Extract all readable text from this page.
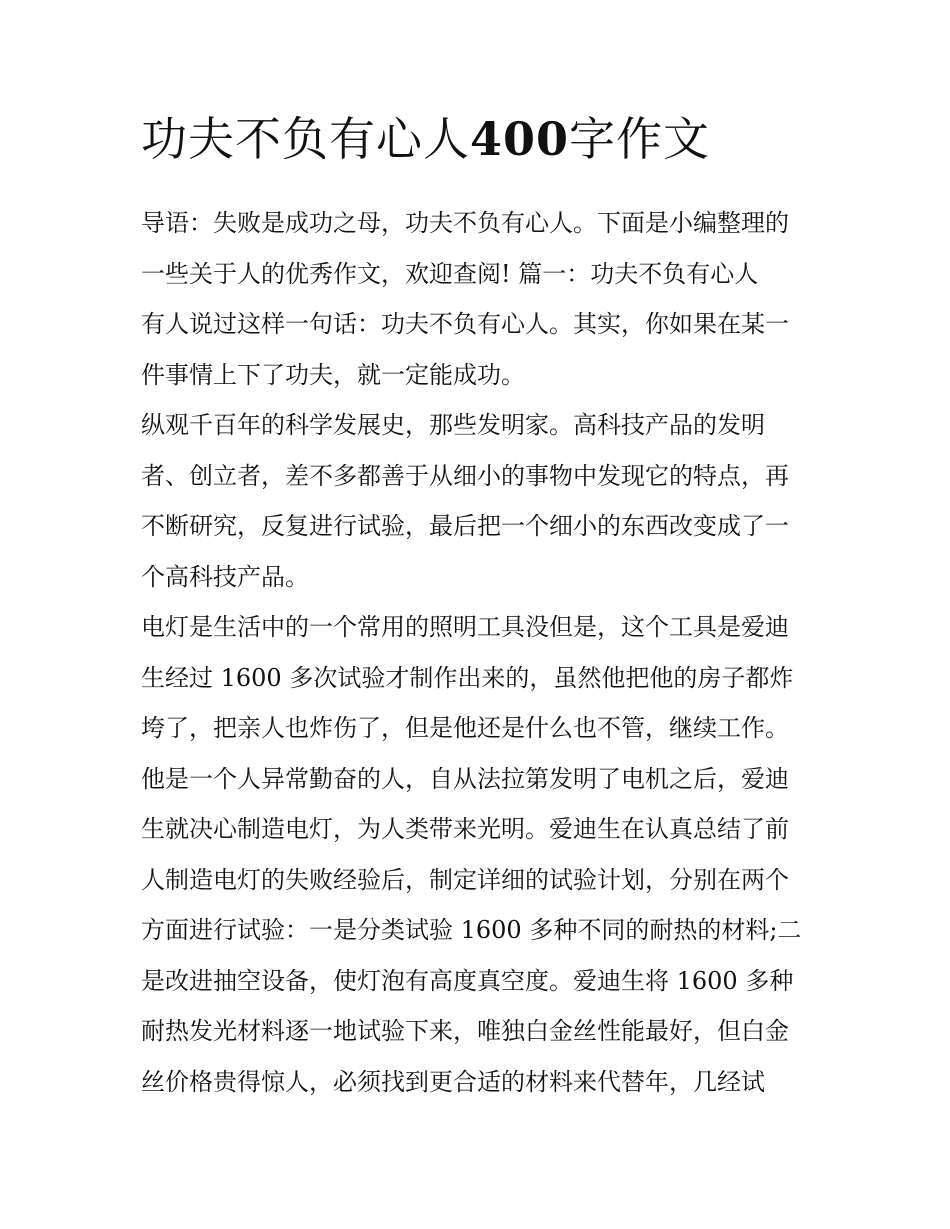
功夫不负有心人400字作文
导语：失败是成功之母，功夫不负有心人。下面是小编整理的
一些关于人的优秀作文，欢迎查阅! 篇一：功夫不负有心人
有人说过这样一句话：功夫不负有心人。其实，你如果在某一
件事情上下了功夫，就一定能成功。
纵观千百年的科学发展史，那些发明家。高科技产品的发明
者、创立者，差不多都善于从细小的事物中发现它的特点，再
不断研究，反复进行试验，最后把一个细小的东西改变成了一
个高科技产品。
电灯是生活中的一个常用的照明工具没但是，这个工具是爱迪
生经过 1600 多次试验才制作出来的，虽然他把他的房子都炸
垮了，把亲人也炸伤了，但是他还是什么也不管，继续工作。
他是一个人异常勤奋的人，自从法拉第发明了电机之后，爱迪
生就决心制造电灯，为人类带来光明。爱迪生在认真总结了前
人制造电灯的失败经验后，制定详细的试验计划，分别在两个
方面进行试验：一是分类试验 1600 多种不同的耐热的材料;二
是改进抽空设备，使灯泡有高度真空度。爱迪生将 1600 多种
耐热发光材料逐一地试验下来，唯独白金丝性能最好，但白金
丝价格贵得惊人，必须找到更合适的材料来代替年，几经试
